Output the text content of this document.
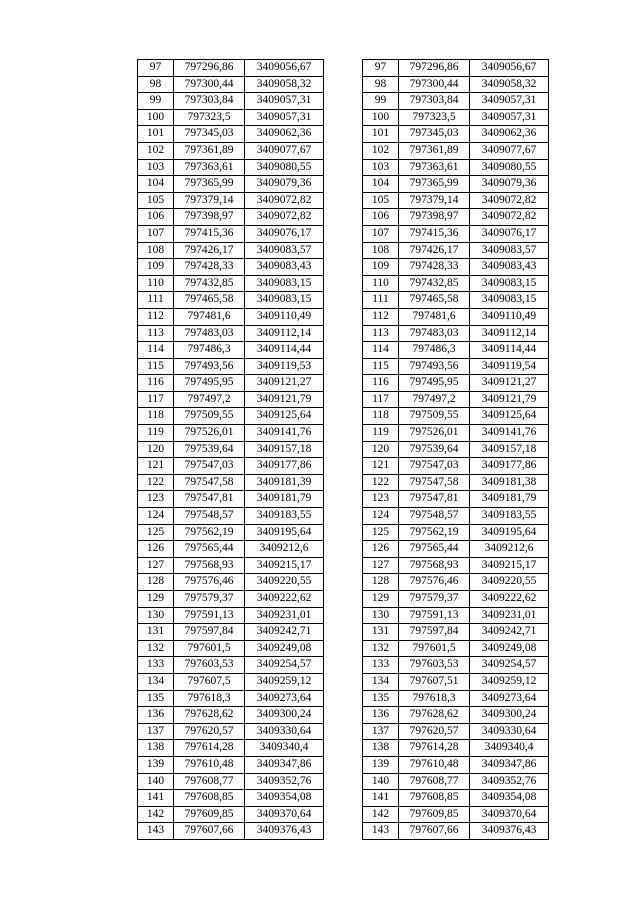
97	797296,86	3409056,67
98	797300,44	3409058,32
99	797303,84	3409057,31
100	797323,5	3409057,31
101	797345,03	3409062,36
102	797361,89	3409077,67
103	797363,61	3409080,55
104	797365,99	3409079,36
105	797379,14	3409072,82
106	797398,97	3409072,82
107	797415,36	3409076,17
108	797426,17	3409083,57
109	797428,33	3409083,43
110	797432,85	3409083,15
111	797465,58	3409083,15
112	797481,6	3409110,49
113	797483,03	3409112,14
114	797486,3	3409114,44
115	797493,56	3409119,53
116	797495,95	3409121,27
117	797497,2	3409121,79
118	797509,55	3409125,64
119	797526,01	3409141,76
120	797539,64	3409157,18
121	797547,03	3409177,86
122	797547,58	3409181,39
123	797547,81	3409181,79
124	797548,57	3409183,55
125	797562,19	3409195,64
126	797565,44	3409212,6
127	797568,93	3409215,17
128	797576,46	3409220,55
129	797579,37	3409222,62
130	797591,13	3409231,01
131	797597,84	3409242,71
132	797601,5	3409249,08
133	797603,53	3409254,57
134	797607,5	3409259,12
135	797618,3	3409273,64
136	797628,62	3409300,24
137	797620,57	3409330,64
138	797614,28	3409340,4
139	797610,48	3409347,86
140	797608,77	3409352,76
141	797608,85	3409354,08
142	797609,85	3409370,64
143	797607,66	3409376,43
97	797296,86	3409056,67
98	797300,44	3409058,32
99	797303,84	3409057,31
100	797323,5	3409057,31
101	797345,03	3409062,36
102	797361,89	3409077,67
103	797363,61	3409080,55
104	797365,99	3409079,36
105	797379,14	3409072,82
106	797398,97	3409072,82
107	797415,36	3409076,17
108	797426,17	3409083,57
109	797428,33	3409083,43
110	797432,85	3409083,15
111	797465,58	3409083,15
112	797481,6	3409110,49
113	797483,03	3409112,14
114	797486,3	3409114,44
115	797493,56	3409119,54
116	797495,95	3409121,27
117	797497,2	3409121,79
118	797509,55	3409125,64
119	797526,01	3409141,76
120	797539,64	3409157,18
121	797547,03	3409177,86
122	797547,58	3409181,38
123	797547,81	3409181,79
124	797548,57	3409183,55
125	797562,19	3409195,64
126	797565,44	3409212,6
127	797568,93	3409215,17
128	797576,46	3409220,55
129	797579,37	3409222,62
130	797591,13	3409231,01
131	797597,84	3409242,71
132	797601,5	3409249,08
133	797603,53	3409254,57
134	797607,51	3409259,12
135	797618,3	3409273,64
136	797628,62	3409300,24
137	797620,57	3409330,64
138	797614,28	3409340,4
139	797610,48	3409347,86
140	797608,77	3409352,76
141	797608,85	3409354,08
142	797609,85	3409370,64
143	797607,66	3409376,43
